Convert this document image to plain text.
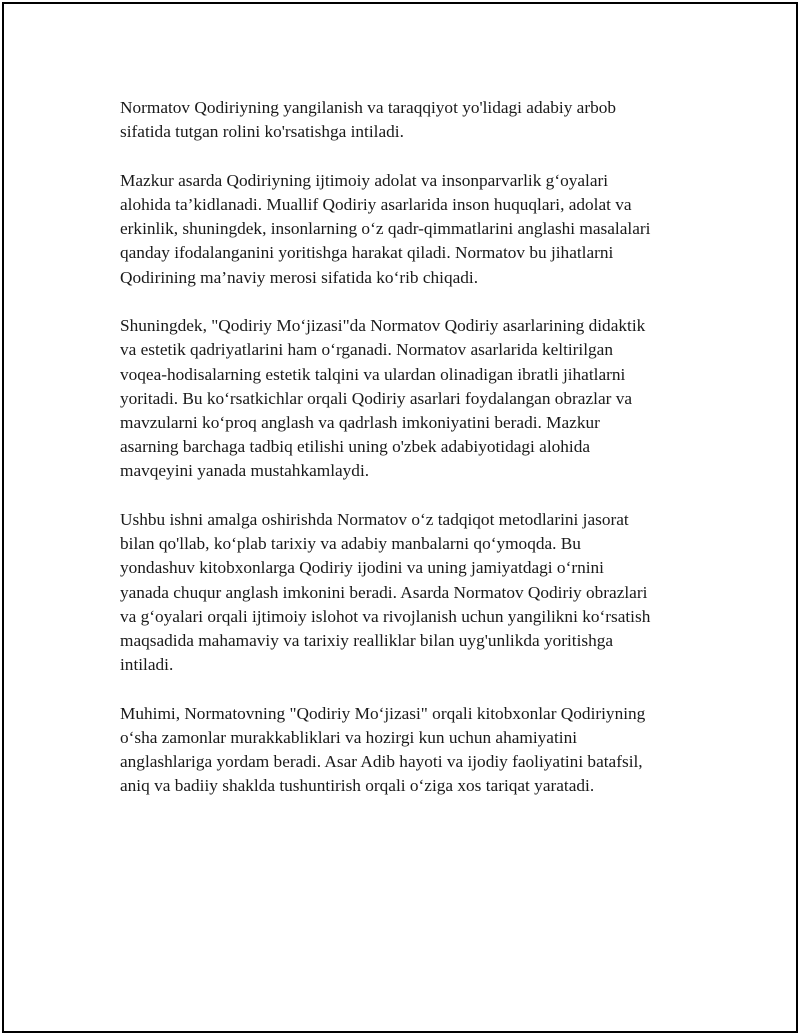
Normatov Qodiriyning yangilanish va taraqqiyot yo'lidagi adabiy arbob
sifatida tutgan rolini ko'rsatishga intiladi.

Mazkur asarda Qodiriyning ijtimoiy adolat va insonparvarlik g‘oyalari
alohida ta’kidlanadi. Muallif Qodiriy asarlarida inson huquqlari, adolat va
erkinlik, shuningdek, insonlarning o‘z qadr-qimmatlarini anglashi masalalari
qanday ifodalanganini yoritishga harakat qiladi. Normatov bu jihatlarni
Qodirining ma’naviy merosi sifatida ko‘rib chiqadi.

Shuningdek, "Qodiriy Mo‘jizasi"da Normatov Qodiriy asarlarining didaktik
va estetik qadriyatlarini ham o‘rganadi. Normatov asarlarida keltirilgan
voqea-hodisalarning estetik talqini va ulardan olinadigan ibratli jihatlarni
yoritadi. Bu ko‘rsatkichlar orqali Qodiriy asarlari foydalangan obrazlar va
mavzularni ko‘proq anglash va qadrlash imkoniyatini beradi. Mazkur
asarning barchaga tadbiq etilishi uning o'zbek adabiyotidagi alohida
mavqeyini yanada mustahkamlaydi.

Ushbu ishni amalga oshirishda Normatov o‘z tadqiqot metodlarini jasorat
bilan qo'llab, ko‘plab tarixiy va adabiy manbalarni qo‘ymoqda. Bu
yondashuv kitobxonlarga Qodiriy ijodini va uning jamiyatdagi o‘rnini
yanada chuqur anglash imkonini beradi. Asarda Normatov Qodiriy obrazlari
va g‘oyalari orqali ijtimoiy islohot va rivojlanish uchun yangilikni ko‘rsatish
maqsadida mahamaviy va tarixiy realliklar bilan uyg'unlikda yoritishga
intiladi.

Muhimi, Normatovning "Qodiriy Mo‘jizasi" orqali kitobxonlar Qodiriyning
o‘sha zamonlar murakkabliklari va hozirgi kun uchun ahamiyatini
anglashlariga yordam beradi. Asar Adib hayoti va ijodiy faoliyatini batafsil,
aniq va badiiy shaklda tushuntirish orqali o‘ziga xos tariqat yaratadi.
